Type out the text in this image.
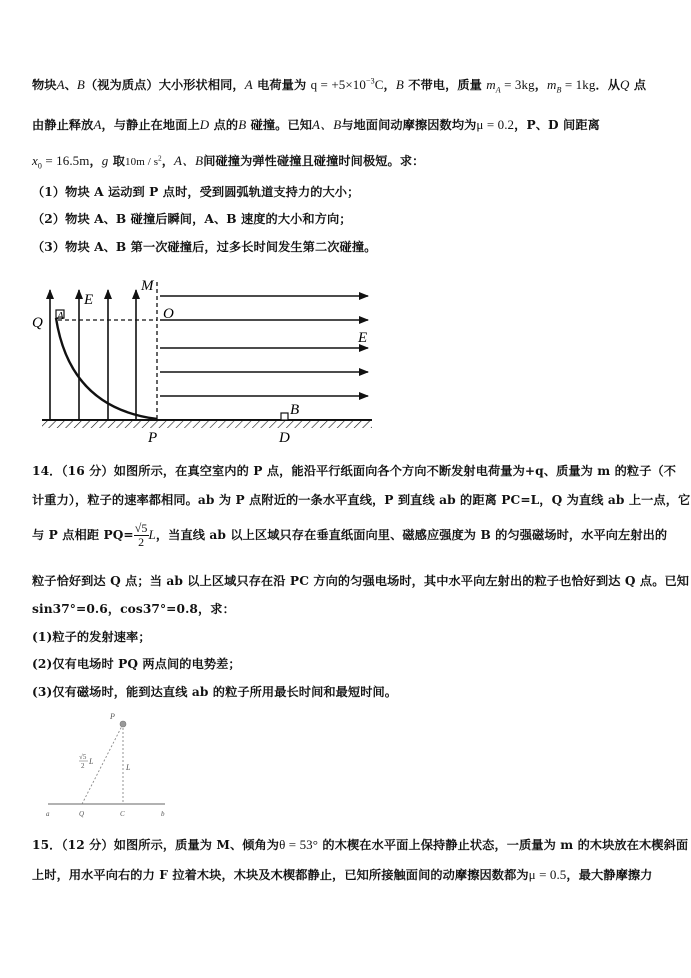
物块A、B（视为质点）大小形状相同，A 电荷量为 $q = +5\times 10^{-3}C$，B 不带电，质量 $m_A = 3kg$，$m_B = 1kg$．从Q 点
由静止释放A，与静止在地面上D 点的B 碰撞。已知A、B与地面间动摩擦因数均为μ = 0.2，P、D 间距离
$x_0 = 16.5m$，g 取$10m / s^2$，A、B间碰撞为弹性碰撞且碰撞时间极短。求：
（1）物块 A 运动到 P 点时，受到圆弧轨道支持力的大小；
（2）物块 A、B 碰撞后瞬间，A、B 速度的大小和方向；
（3）物块 A、B 第一次碰撞后，过多长时间发生第二次碰撞。
M
E
Q A	O
E
B
P	D
14．（16 分）如图所示，在真空室内的 P 点，能沿平行纸面向各个方向不断发射电荷量为+q、质量为 m 的粒子（不
计重力），粒子的速率都相同。ab 为 P 点附近的一条水平直线，P 到直线 ab 的距离 PC=L，Q 为直线 ab 上一点，它
与 P 点相距 $PQ= \frac{√5}{2}$ L，当直线 ab 以上区域只存在垂直纸面向里、磁感应强度为 B 的匀强磁场时，水平向左射出的
粒子恰好到达 Q 点；当 ab 以上区域只存在沿 PC 方向的匀强电场时，其中水平向左射出的粒子也恰好到达 Q 点。已知
sin37°=0.6，cos37°=0.8，求：
(1)粒子的发射速率；
(2)仅有电场时 PQ 两点间的电势差；
(3)仅有磁场时，能到达直线 ab 的粒子所用最长时间和最短时间。
P
√5
2 L
L
a	Q	C	b
15．（12 分）如图所示，质量为 M、倾角为θ = 53° 的木楔在水平面上保持静止状态，一质量为 m 的木块放在木楔斜面
上时，用水平向右的力 F 拉着木块，木块及木楔都静止，已知所接触面间的动摩擦因数都为μ = 0.5，最大静摩擦力
